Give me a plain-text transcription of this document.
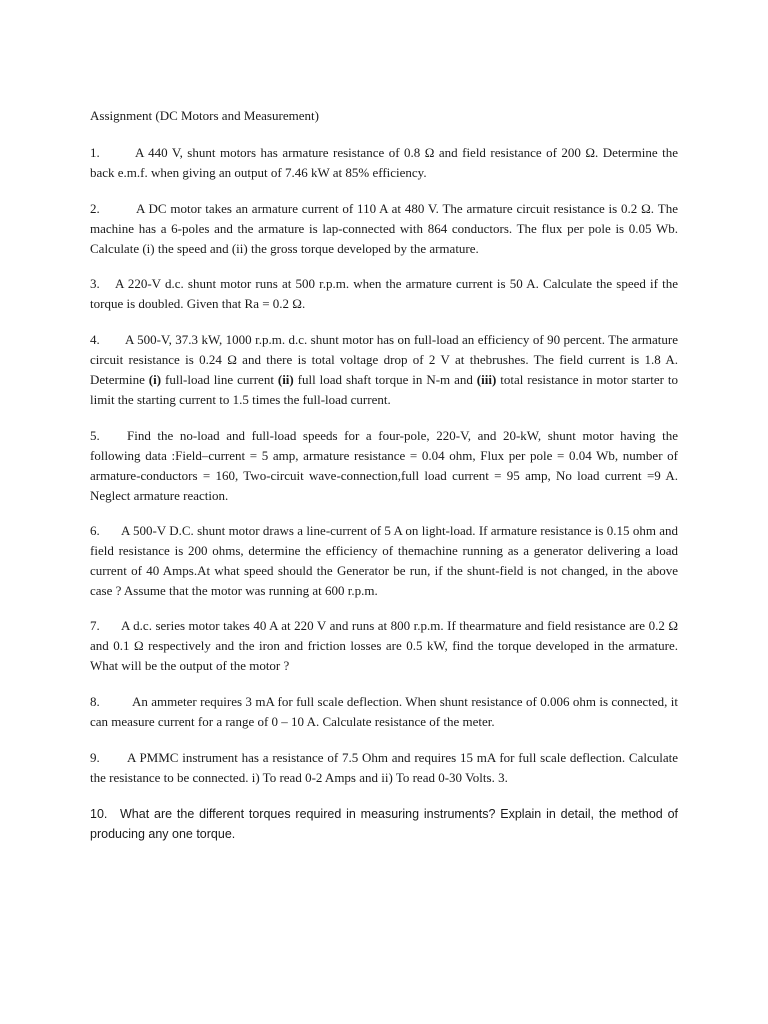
Assignment (DC Motors and Measurement)
1.	A 440 V, shunt motors has armature resistance of 0.8 Ω and field resistance of 200 Ω. Determine the back e.m.f. when giving an output of 7.46 kW at 85% efficiency.
2.	A DC motor takes an armature current of 110 A at 480 V. The armature circuit resistance is 0.2 Ω. The machine has a 6-poles and the armature is lap-connected with 864 conductors. The flux per pole is 0.05 Wb. Calculate (i) the speed and (ii) the gross torque developed by the armature.
3. A 220-V d.c. shunt motor runs at 500 r.p.m. when the armature current is 50 A. Calculate the speed if the torque is doubled. Given that Ra = 0.2 Ω.
4. A 500-V, 37.3 kW, 1000 r.p.m. d.c. shunt motor has on full-load an efficiency of 90 percent. The armature circuit resistance is 0.24 Ω and there is total voltage drop of 2 V at thebrushes. The field current is 1.8 A. Determine (i) full-load line current (ii) full load shaft torque in N-m and (iii) total resistance in motor starter to limit the starting current to 1.5 times the full-load current.
5. Find the no-load and full-load speeds for a four-pole, 220-V, and 20-kW, shunt motor having the following data :Field–current = 5 amp, armature resistance = 0.04 ohm, Flux per pole = 0.04 Wb, number of armature-conductors = 160, Two-circuit wave-connection,full load current = 95 amp, No load current =9 A. Neglect armature reaction.
6. A 500-V D.C. shunt motor draws a line-current of 5 A on light-load. If armature resistance is 0.15 ohm and field resistance is 200 ohms, determine the efficiency of themachine running as a generator delivering a load current of 40 Amps.At what speed should the Generator be run, if the shunt-field is not changed, in the above case ? Assume that the motor was running at 600 r.p.m.
7. A d.c. series motor takes 40 A at 220 V and runs at 800 r.p.m. If thearmature and field resistance are 0.2 Ω and 0.1 Ω respectively and the iron and friction losses are 0.5 kW, find the torque developed in the armature. What will be the output of the motor ?
8. An ammeter requires 3 mA for full scale deflection. When shunt resistance of 0.006 ohm is connected, it can measure current for a range of 0 – 10 A. Calculate resistance of the meter.
9. A PMMC instrument has a resistance of 7.5 Ohm and requires 15 mA for full scale deflection. Calculate the resistance to be connected. i) To read 0-2 Amps and ii) To read 0-30 Volts. 3.
10. What are the different torques required in measuring instruments? Explain in detail, the method of producing any one torque.
